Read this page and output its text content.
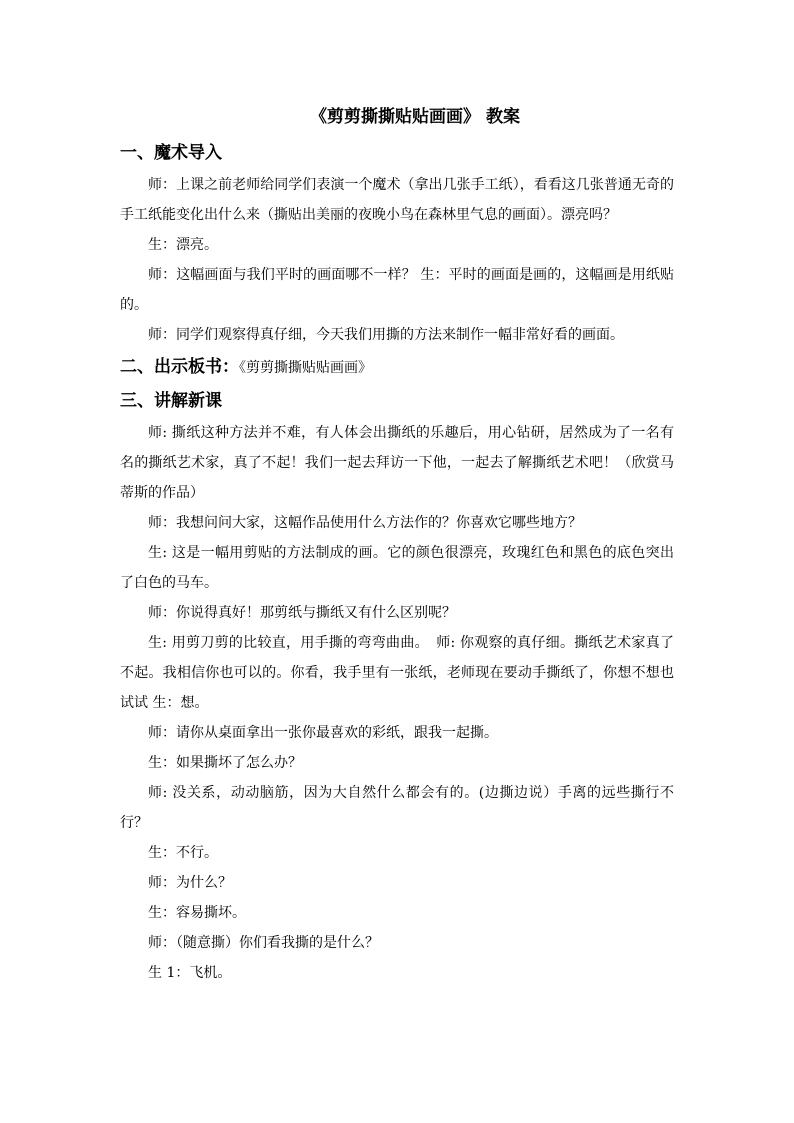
《剪剪撕撕贴贴画画》 教案
一、魔术导入

师：上课之前老师给同学们表演一个魔术（拿出几张手工纸），看看这几张普通无奇的手工纸能变化出什么来（撕贴出美丽的夜晚小鸟在森林里气息的画面）。漂亮吗？

生：漂亮。

师：这幅画面与我们平时的画面哪不一样？ 生：平时的画面是画的，这幅画是用纸贴的。

师：同学们观察得真仔细，今天我们用撕的方法来制作一幅非常好看的画面。

二、出示板书：《剪剪撕撕贴贴画画》
三、讲解新课

师: 撕纸这种方法并不难，有人体会出撕纸的乐趣后，用心钻研，居然成为了一名有名的撕纸艺术家，真了不起！我们一起去拜访一下他，一起去了解撕纸艺术吧！（欣赏马蒂斯的作品）

师：我想问问大家，这幅作品使用什么方法作的？你喜欢它哪些地方？

生: 这是一幅用剪贴的方法制成的画。它的颜色很漂亮，玫瑰红色和黑色的底色突出了白色的马车。

师：你说得真好！那剪纸与撕纸又有什么区别呢？

生: 用剪刀剪的比较直，用手撕的弯弯曲曲。　师: 你观察的真仔细。撕纸艺术家真了不起。我相信你也可以的。你看，我手里有一张纸，老师现在要动手撕纸了，你想不想也试试 生：想。

师：请你从桌面拿出一张你最喜欢的彩纸，跟我一起撕。

生：如果撕坏了怎么办？

师: 没关系，动动脑筋，因为大自然什么都会有的。(边撕边说）手离的远些撕行不行？

生：不行。

师：为什么？

生：容易撕坏。

师：（随意撕）你们看我撕的是什么？

生 1：飞机。
